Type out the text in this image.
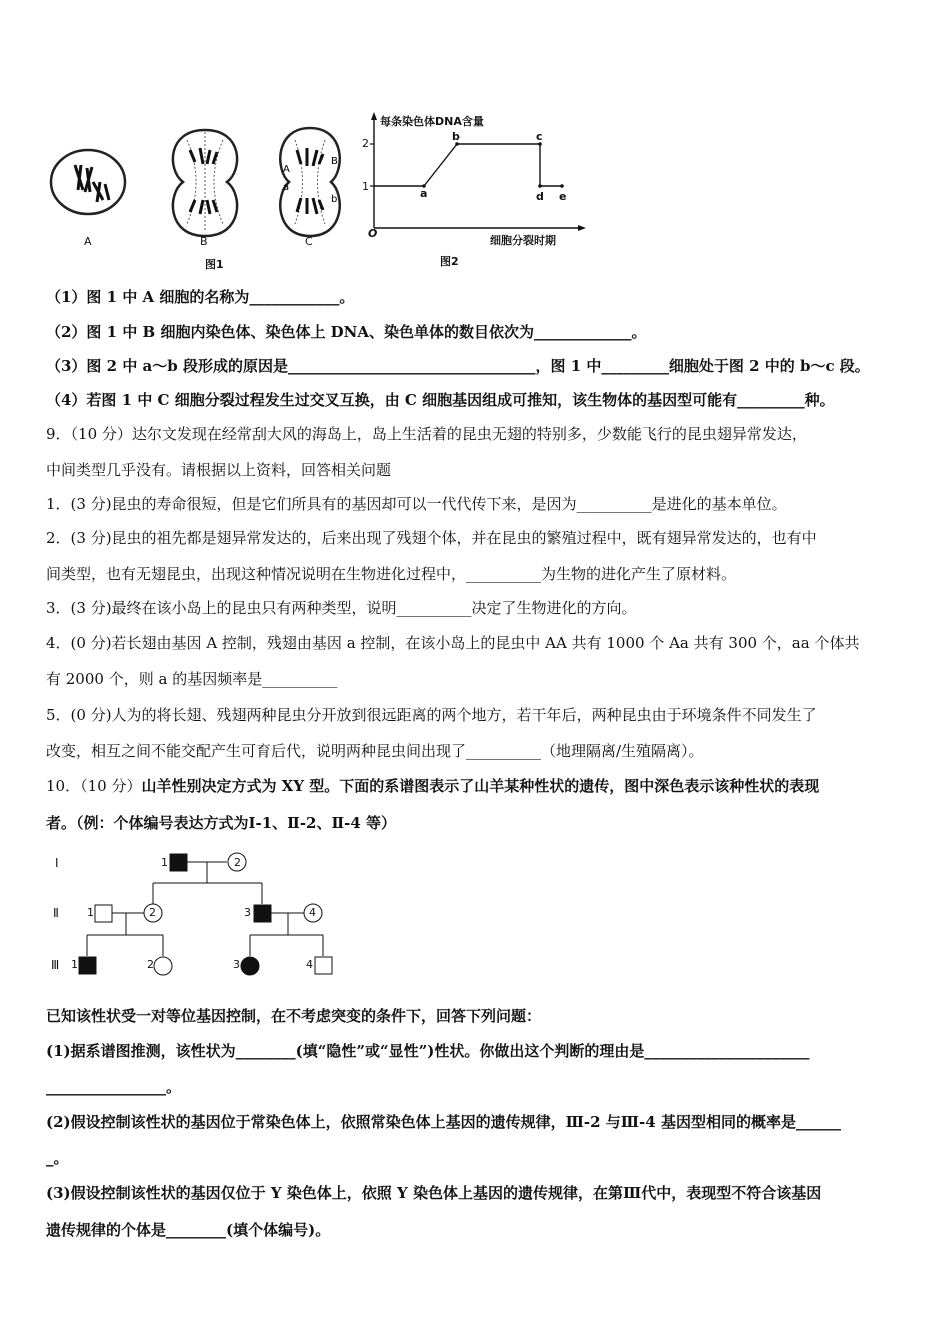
A
a
B
b
A	B	C
图1
每条染色体DNA含量
细胞分裂时期
O
1
2
a
b	c
d e
图2
（1）图 1 中 A 细胞的名称为____________。
（2）图 1 中 B 细胞内染色体、染色体上 DNA、染色单体的数目依次为_____________。
（3）图 2 中 a～b 段形成的原因是_________________________________，图 1 中_________细胞处于图 2 中的 b～c 段。
（4）若图 1 中 C 细胞分裂过程发生过交叉互换，由 C 细胞基因组成可推知，该生物体的基因型可能有_________种。
9．（10 分）达尔文发现在经常刮大风的海岛上，岛上生活着的昆虫无翅的特别多，少数能飞行的昆虫翅异常发达，
中间类型几乎没有。请根据以上资料，回答相关问题
1．(3 分)昆虫的寿命很短，但是它们所具有的基因却可以一代代传下来，是因为__________是进化的基本单位。
2．(3 分)昆虫的祖先都是翅异常发达的，后来出现了残翅个体，并在昆虫的繁殖过程中，既有翅异常发达的，也有中
间类型，也有无翅昆虫，出现这种情况说明在生物进化过程中，__________为生物的进化产生了原材料。
3．(3 分)最终在该小岛上的昆虫只有两种类型，说明__________决定了生物进化的方向。
4．(0 分)若长翅由基因 A 控制，残翅由基因 a 控制，在该小岛上的昆虫中 AA 共有 1000 个 Aa 共有 300 个，aa 个体共
有 2000 个，则 a 的基因频率是__________
5．(0 分)人为的将长翅、残翅两种昆虫分开放到很远距离的两个地方，若干年后，两种昆虫由于环境条件不同发生了
改变，相互之间不能交配产生可育后代，说明两种昆虫间出现了__________（地理隔离/生殖隔离）。
10．（10 分）山羊性别决定方式为 XY 型。下面的系谱图表示了山羊某种性状的遗传，图中深色表示该种性状的表现
者。（例：个体编号表达方式为Ⅰ-1、Ⅱ-2、Ⅱ-4 等）
Ⅰ
Ⅱ
Ⅲ
1	2
1	2	3	4
1	2	3	4
已知该性状受一对等位基因控制，在不考虑突变的条件下，回答下列问题：
(1)据系谱图推测，该性状为________(填“隐性”或“显性”)性状。你做出这个判断的理由是______________________
________________。
(2)假设控制该性状的基因位于常染色体上，依照常染色体上基因的遗传规律，Ⅲ-2 与Ⅲ-4 基因型相同的概率是______
_。
(3)假设控制该性状的基因仅位于 Y 染色体上，依照 Y 染色体上基因的遗传规律，在第Ⅲ代中，表现型不符合该基因
遗传规律的个体是________(填个体编号)。
